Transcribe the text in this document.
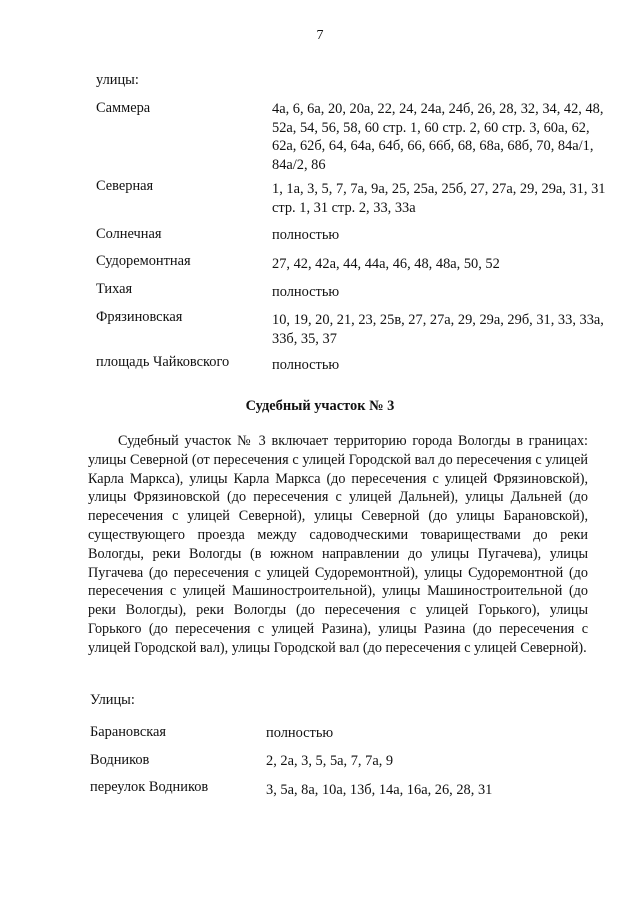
7
улицы:
Саммера	4а, 6, 6а, 20, 20а, 22, 24, 24а, 24б, 26, 28, 32, 34, 42, 48, 52а, 54, 56, 58, 60 стр. 1, 60 стр. 2, 60 стр. 3, 60а, 62, 62а, 62б, 64, 64а, 64б, 66, 66б, 68, 68а, 68б, 70, 84а/1, 84а/2, 86
Северная	1, 1а, 3, 5, 7, 7а, 9а, 25, 25а, 25б, 27, 27а, 29, 29а, 31, 31 стр. 1, 31 стр. 2, 33, 33а
Солнечная	полностью
Судоремонтная	27, 42, 42а, 44, 44а, 46, 48, 48а, 50, 52
Тихая	полностью
Фрязиновская	10, 19, 20, 21, 23, 25в, 27, 27а, 29, 29а, 29б, 31, 33, 33а, 33б, 35, 37
площадь Чайковского	полностью
Судебный участок № 3
Судебный участок № 3 включает территорию города Вологды в границах: улицы Северной (от пересечения с улицей Городской вал до пересечения с улицей Карла Маркса), улицы Карла Маркса (до пересечения с улицей Фрязиновской), улицы Фрязиновской (до пересечения с улицей Дальней), улицы Дальней (до пересечения с улицей Северной), улицы Северной (до улицы Барановской), существующего проезда между садоводческими товариществами до реки Вологды, реки Вологды (в южном направлении до улицы Пугачева), улицы Пугачева (до пересечения с улицей Судоремонтной), улицы Судоремонтной (до пересечения с улицей Машиностроительной), улицы Машиностроительной (до реки Вологды), реки Вологды (до пересечения с улицей Горького), улицы Горького (до пересечения с улицей Разина), улицы Разина (до пересечения с улицей Городской вал), улицы Городской вал (до пересечения с улицей Северной).
Улицы:
Барановская	полностью
Водников	2, 2а, 3, 5, 5а, 7, 7а, 9
переулок Водников	3, 5а, 8а, 10а, 13б, 14а, 16а, 26, 28, 31
